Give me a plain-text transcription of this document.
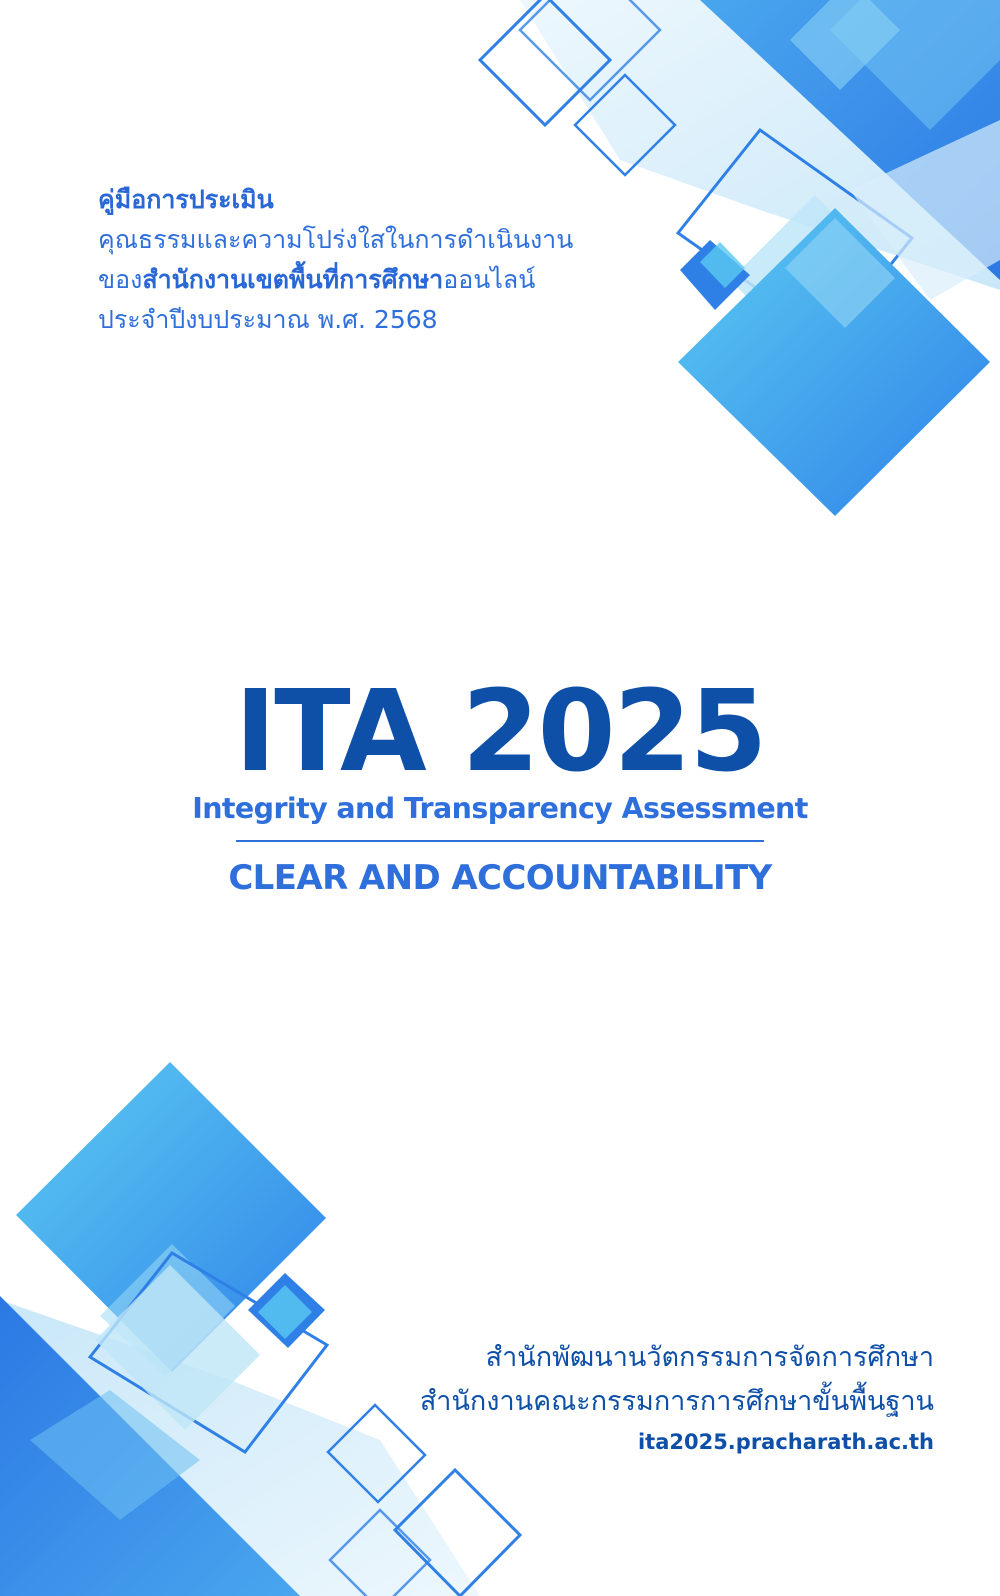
คู่มือการประเมิน
คุณธรรมและความโปร่งใสในการดำเนินงาน
ของสำนักงานเขตพื้นที่การศึกษาออนไลน์
ประจำปีงบประมาณ พ.ศ. 2568
ITA 2025
Integrity and Transparency Assessment
CLEAR AND ACCOUNTABILITY
สำนักพัฒนานวัตกรรมการจัดการศึกษา
สำนักงานคณะกรรมการการศึกษาขั้นพื้นฐาน
ita2025.pracharath.ac.th
